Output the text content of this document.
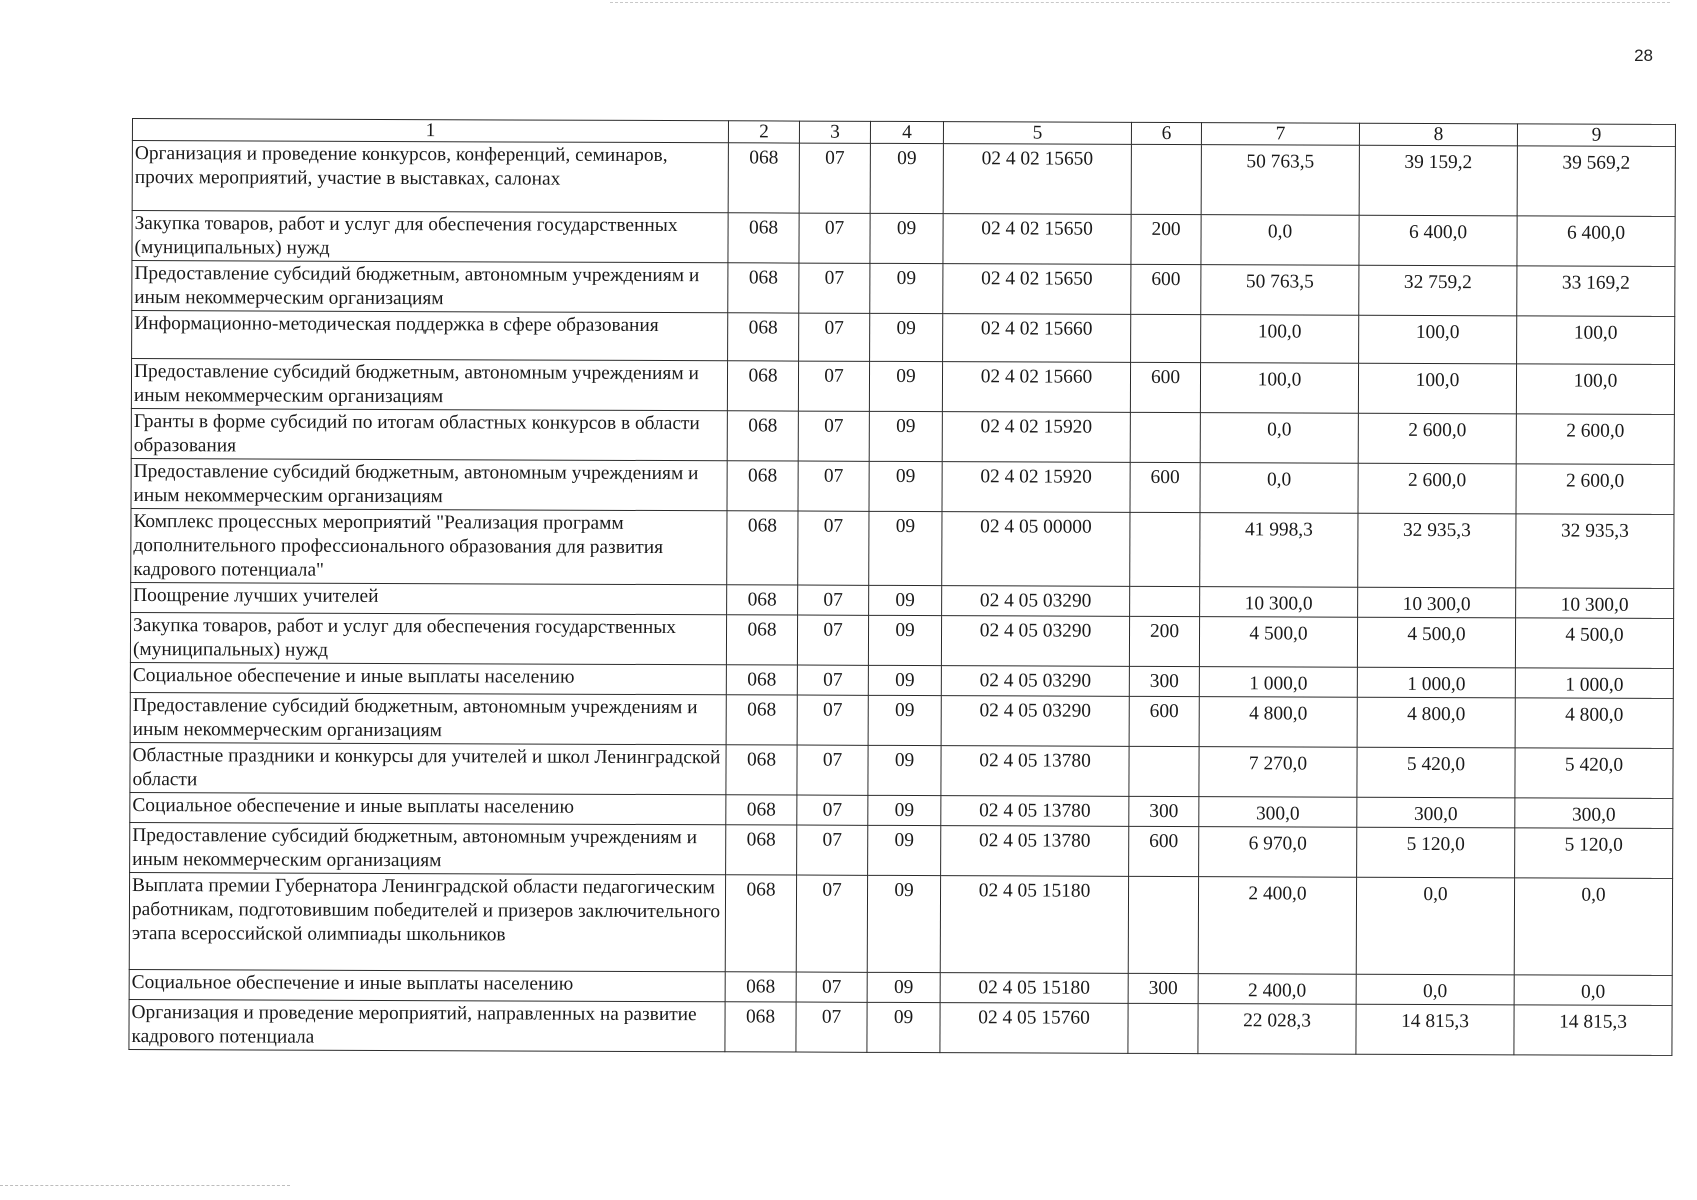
28
1	2	3	4	5	6	7	8	9
Организация и проведение конкурсов, конференций, семинаров, прочих мероприятий, участие в выставках, салонах	068	07	09	02 4 02 15650		50 763,5	39 159,2	39 569,2
Закупка товаров, работ и услуг для обеспечения государственных (муниципальных) нужд	068	07	09	02 4 02 15650	200	0,0	6 400,0	6 400,0
Предоставление субсидий бюджетным, автономным учреждениям и иным некоммерческим организациям	068	07	09	02 4 02 15650	600	50 763,5	32 759,2	33 169,2
Информационно-методическая поддержка в сфере образования	068	07	09	02 4 02 15660		100,0	100,0	100,0
Предоставление субсидий бюджетным, автономным учреждениям и иным некоммерческим организациям	068	07	09	02 4 02 15660	600	100,0	100,0	100,0
Гранты в форме субсидий по итогам областных конкурсов в области образования	068	07	09	02 4 02 15920		0,0	2 600,0	2 600,0
Предоставление субсидий бюджетным, автономным учреждениям и иным некоммерческим организациям	068	07	09	02 4 02 15920	600	0,0	2 600,0	2 600,0
Комплекс процессных мероприятий "Реализация программ дополнительного профессионального образования для развития кадрового потенциала"	068	07	09	02 4 05 00000		41 998,3	32 935,3	32 935,3
Поощрение лучших учителей	068	07	09	02 4 05 03290		10 300,0	10 300,0	10 300,0
Закупка товаров, работ и услуг для обеспечения государственных (муниципальных) нужд	068	07	09	02 4 05 03290	200	4 500,0	4 500,0	4 500,0
Социальное обеспечение и иные выплаты населению	068	07	09	02 4 05 03290	300	1 000,0	1 000,0	1 000,0
Предоставление субсидий бюджетным, автономным учреждениям и иным некоммерческим организациям	068	07	09	02 4 05 03290	600	4 800,0	4 800,0	4 800,0
Областные праздники и конкурсы для учителей и школ Ленинградской области	068	07	09	02 4 05 13780		7 270,0	5 420,0	5 420,0
Социальное обеспечение и иные выплаты населению	068	07	09	02 4 05 13780	300	300,0	300,0	300,0
Предоставление субсидий бюджетным, автономным учреждениям и иным некоммерческим организациям	068	07	09	02 4 05 13780	600	6 970,0	5 120,0	5 120,0
Выплата премии Губернатора Ленинградской области педагогическим работникам, подготовившим победителей и призеров заключительного этапа всероссийской олимпиады школьников	068	07	09	02 4 05 15180		2 400,0	0,0	0,0
Социальное обеспечение и иные выплаты населению	068	07	09	02 4 05 15180	300	2 400,0	0,0	0,0
Организация и проведение мероприятий, направленных на развитие кадрового потенциала	068	07	09	02 4 05 15760		22 028,3	14 815,3	14 815,3
